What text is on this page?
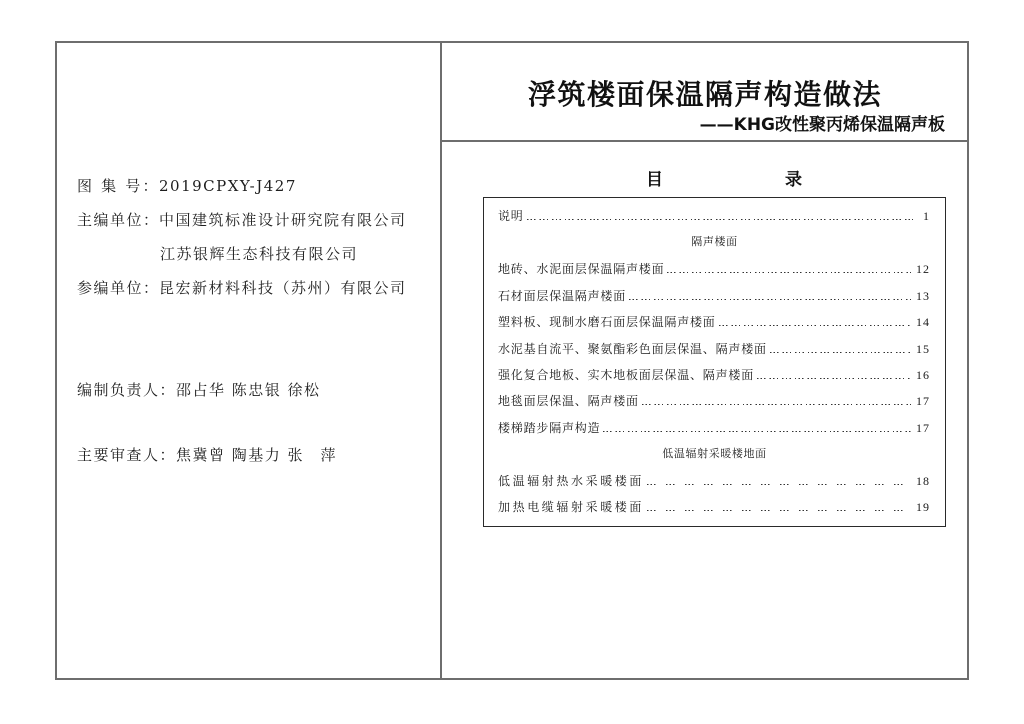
图 集 号：2019CPXY-J427
主编单位：中国建筑标准设计研究院有限公司
江苏银辉生态科技有限公司
参编单位：昆宏新材料科技（苏州）有限公司
编制负责人：邵占华 陈忠银 徐松
主要审查人：焦冀曾 陶基力 张　萍
浮筑楼面保温隔声构造做法
——KHG改性聚丙烯保温隔声板
目录
说明	1
隔声楼面
地砖、水泥面层保温隔声楼面	12
石材面层保温隔声楼面	13
塑料板、现制水磨石面层保温隔声楼面	14
水泥基自流平、聚氨酯彩色面层保温、隔声楼面	15
强化复合地板、实木地板面层保温、隔声楼面	16
地毯面层保温、隔声楼面	17
楼梯踏步隔声构造	17
低温辐射采暖楼地面
低温辐射热水采暖楼面	18
加热电缆辐射采暖楼面	19
